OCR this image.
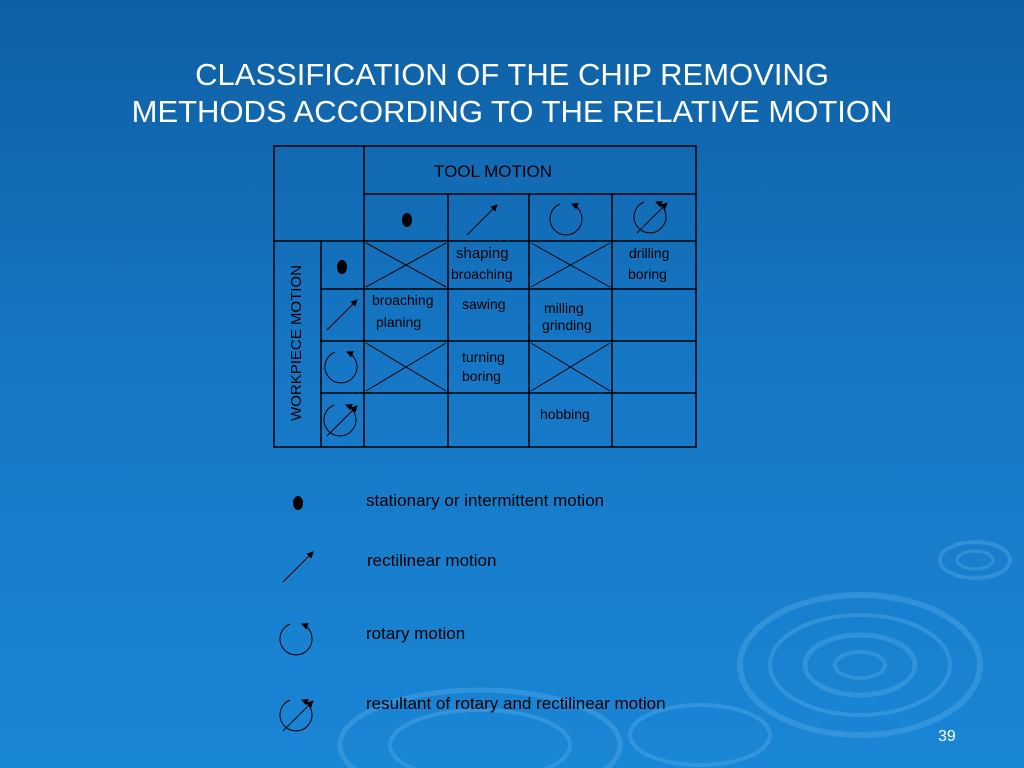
CLASSIFICATION OF THE CHIP REMOVING
METHODS ACCORDING TO THE RELATIVE MOTION
WORKPIECE MOTION
TOOL MOTION
shaping
broaching
drilling
boring
broaching
planing
sawing	milling
grinding
turning
boring
hobbing
stationary or intermittent motion
rectilinear motion
rotary motion
resultant of rotary and rectilinear motion
39
